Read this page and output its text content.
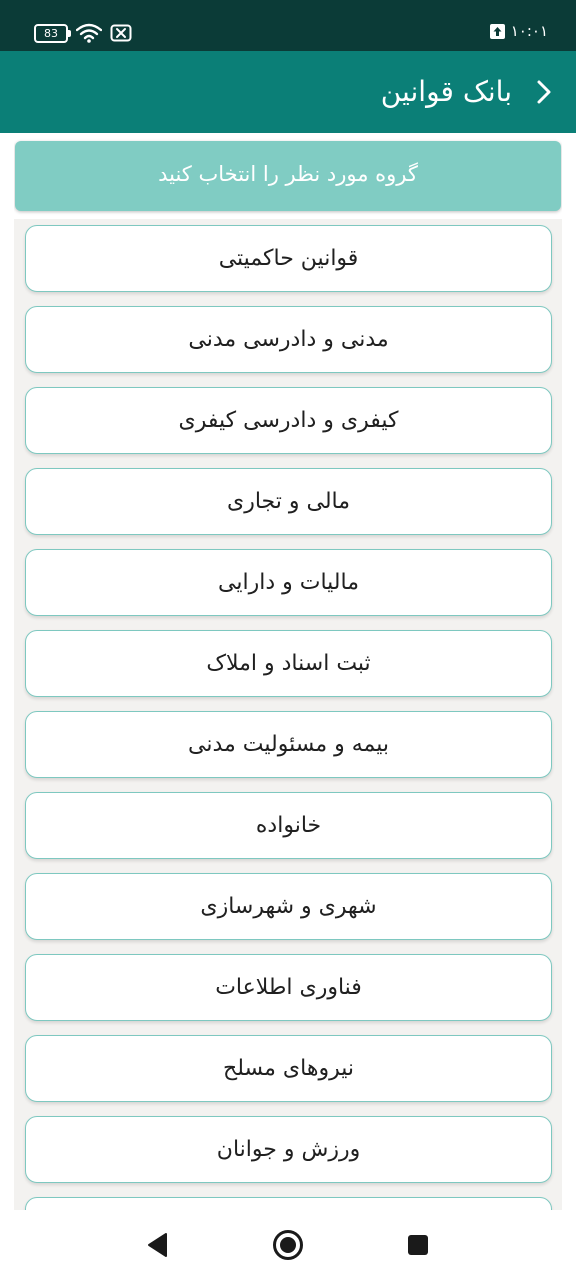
83	۱۰:۰۱
بانک قوانین
گروه مورد نظر را انتخاب کنید
قوانین حاکمیتی
مدنی و دادرسی مدنی
کیفری و دادرسی کیفری
مالی و تجاری
مالیات و دارایی
ثبت اسناد و املاک
بیمه و مسئولیت مدنی
خانواده
شهری و شهرسازی
فناوری اطلاعات
نیروهای مسلح
ورزش و جوانان
